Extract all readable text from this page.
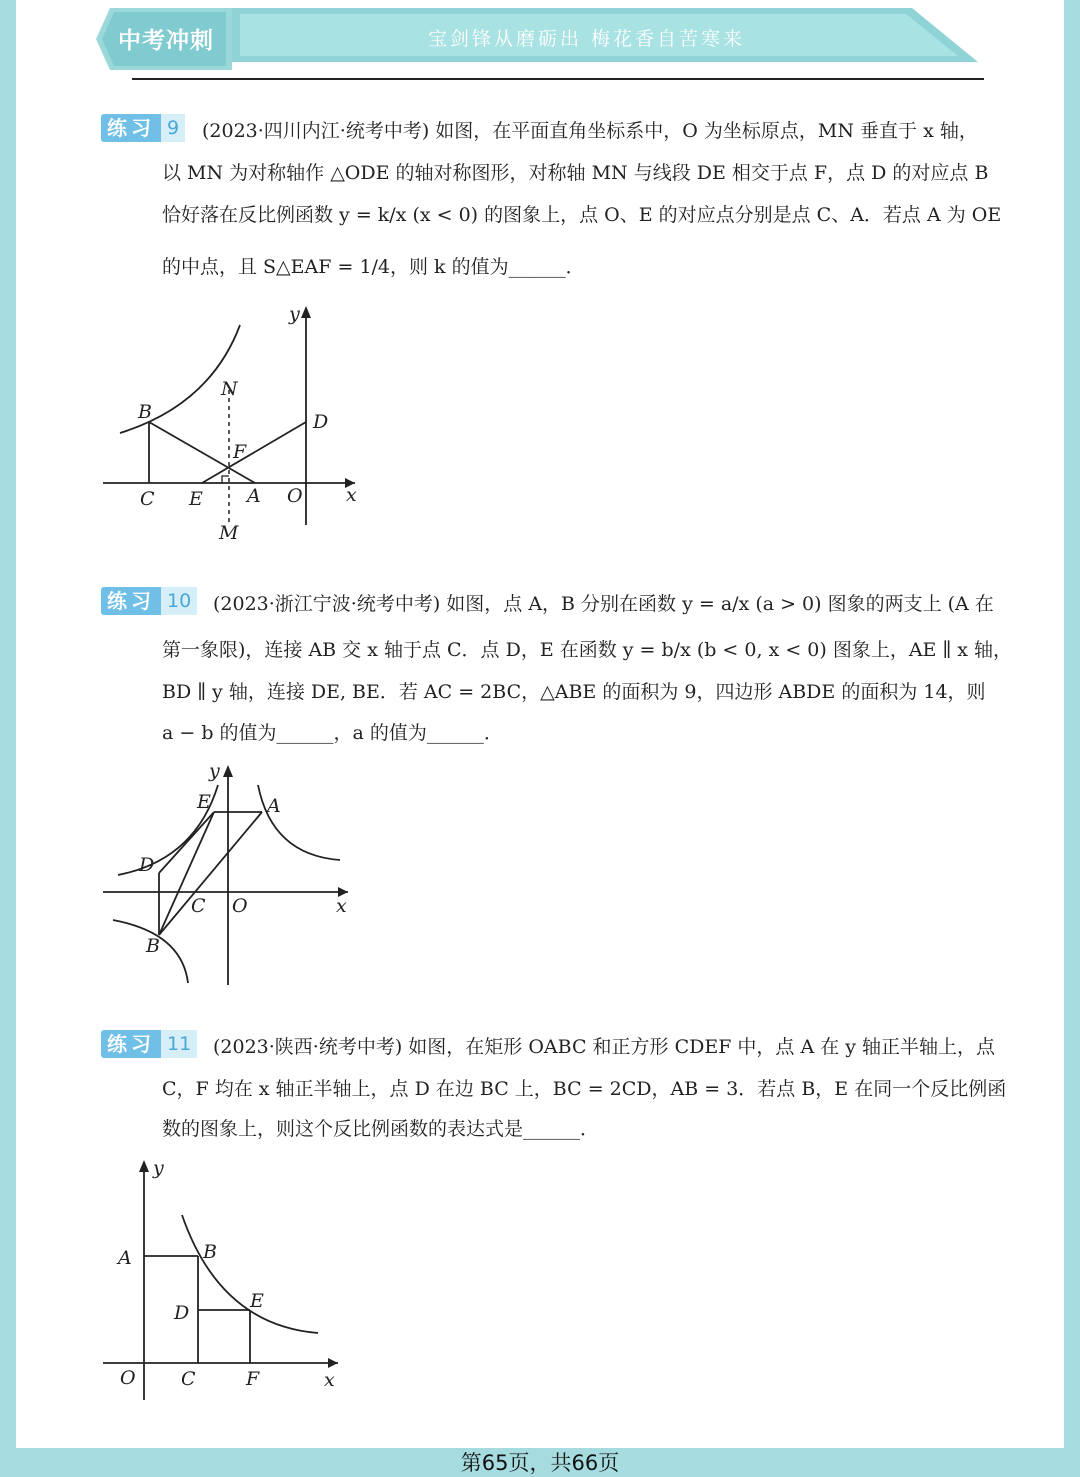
中考冲刺	宝剑锋从磨砺出 梅花香自苦寒来
练习 9	(2023·四川内江·统考中考) 如图，在平面直角坐标系中，O 为坐标原点，MN 垂直于 x 轴，
以 MN 为对称轴作 △ODE 的轴对称图形，对称轴 MN 与线段 DE 相交于点 F，点 D 的对应点 B
恰好落在反比例函数 y = k/x (x < 0) 的图象上，点 O、E 的对应点分别是点 C、A．若点 A 为 OE
的中点，且 S△EAF = 1/4，则 k 的值为______．
y
x
N
B	D
F
C E A O
M
练习 10	(2023·浙江宁波·统考中考) 如图，点 A，B 分别在函数 y = a/x (a > 0) 图象的两支上 (A 在
第一象限)，连接 AB 交 x 轴于点 C．点 D，E 在函数 y = b/x (b < 0, x < 0) 图象上，AE ∥ x 轴，
BD ∥ y 轴，连接 DE, BE．若 AC = 2BC，△ABE 的面积为 9，四边形 ABDE 的面积为 14，则
a − b 的值为______，a 的值为______．
y
x
E	A
D
C O
B
练习 11	(2023·陕西·统考中考) 如图，在矩形 OABC 和正方形 CDEF 中，点 A 在 y 轴正半轴上，点
C，F 均在 x 轴正半轴上，点 D 在边 BC 上，BC = 2CD，AB = 3．若点 B，E 在同一个反比例函
数的图象上，则这个反比例函数的表达式是______．
y
x
A	B
D
E
O C	F
第65页，共66页
